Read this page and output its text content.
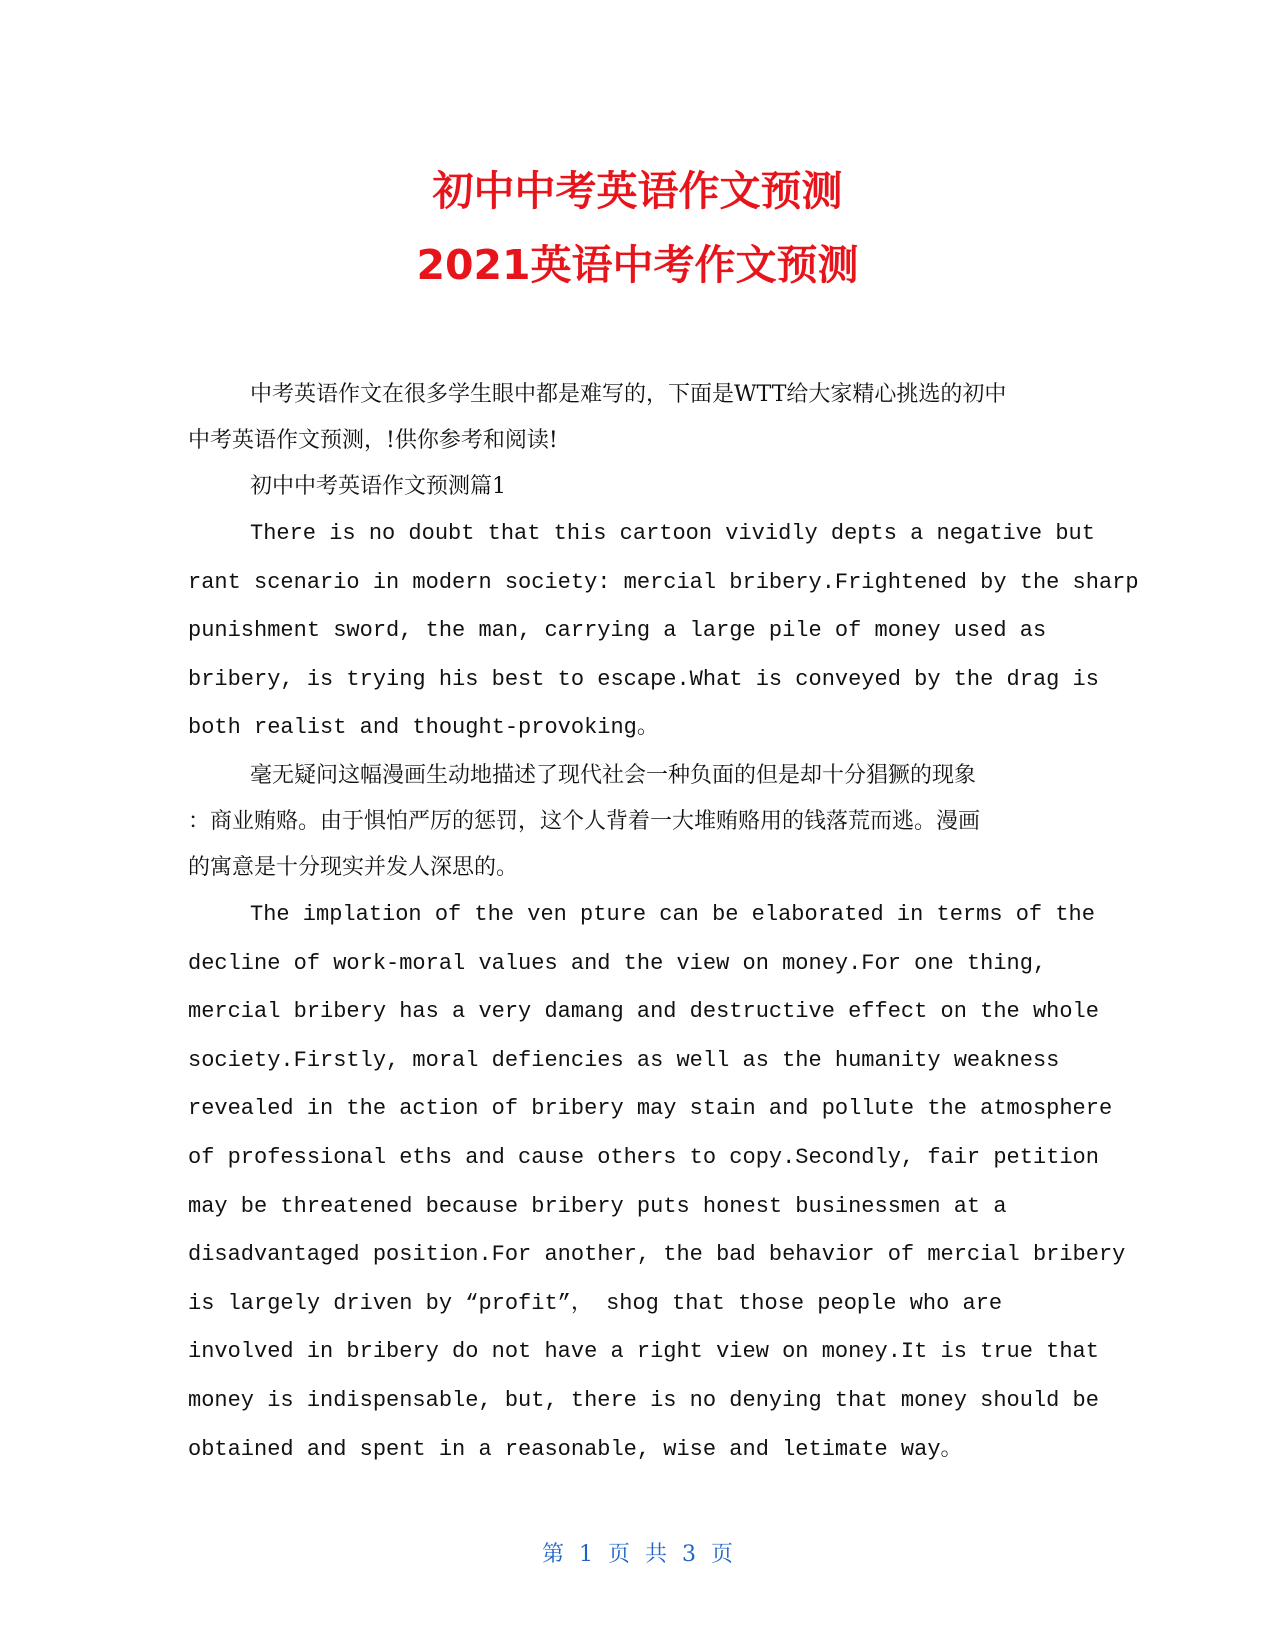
初中中考英语作文预测
2021英语中考作文预测

中考英语作文在很多学生眼中都是难写的，下面是WTT给大家精心挑选的初中

中考英语作文预测，!供你参考和阅读!

初中中考英语作文预测篇1

There is no doubt that this cartoon vividly depts a negative but

rant scenario in modern society: mercial bribery.Frightened by the sharp

punishment sword, the man, carrying a large pile of money used as

bribery, is trying his best to escape.What is conveyed by the drag is

both realist and thought-provoking。

毫无疑问这幅漫画生动地描述了现代社会一种负面的但是却十分猖獗的现象

：商业贿赂。由于惧怕严厉的惩罚，这个人背着一大堆贿赂用的钱落荒而逃。漫画

的寓意是十分现实并发人深思的。

The implation of the ven pture can be elaborated in terms of the

decline of work-moral values and the view on money.For one thing,

mercial bribery has a very damang and destructive effect on the whole

society.Firstly, moral defiencies as well as the humanity weakness

revealed in the action of bribery may stain and pollute the atmosphere

of professional eths and cause others to copy.Secondly, fair petition

may be threatened because bribery puts honest businessmen at a

disadvantaged position.For another, the bad behavior of mercial bribery

is largely driven by “profit”， shog that those people who are

involved in bribery do not have a right view on money.It is true that

money is indispensable, but, there is no denying that money should be

obtained and spent in a reasonable, wise and letimate way。

第 1 页 共 3 页
